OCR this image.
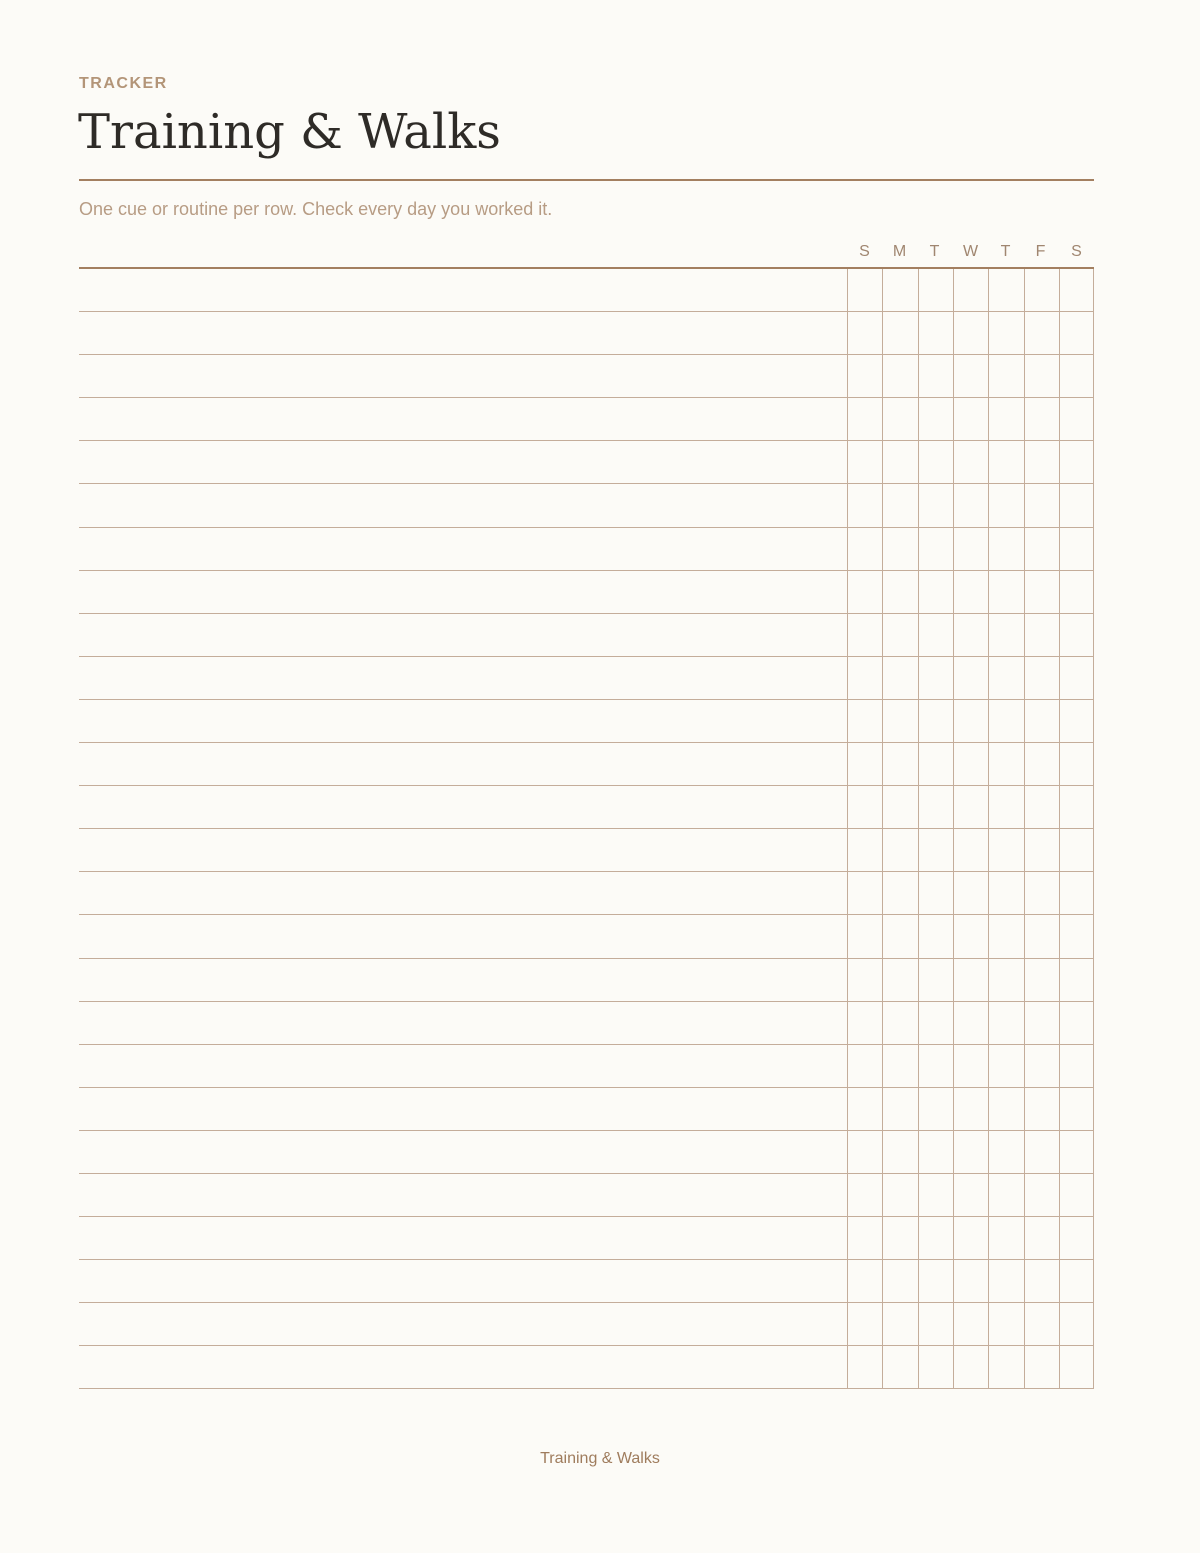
TRACKER
Training & Walks
One cue or routine per row. Check every day you worked it.
S	M	T	W	T	F	S
Training & Walks
